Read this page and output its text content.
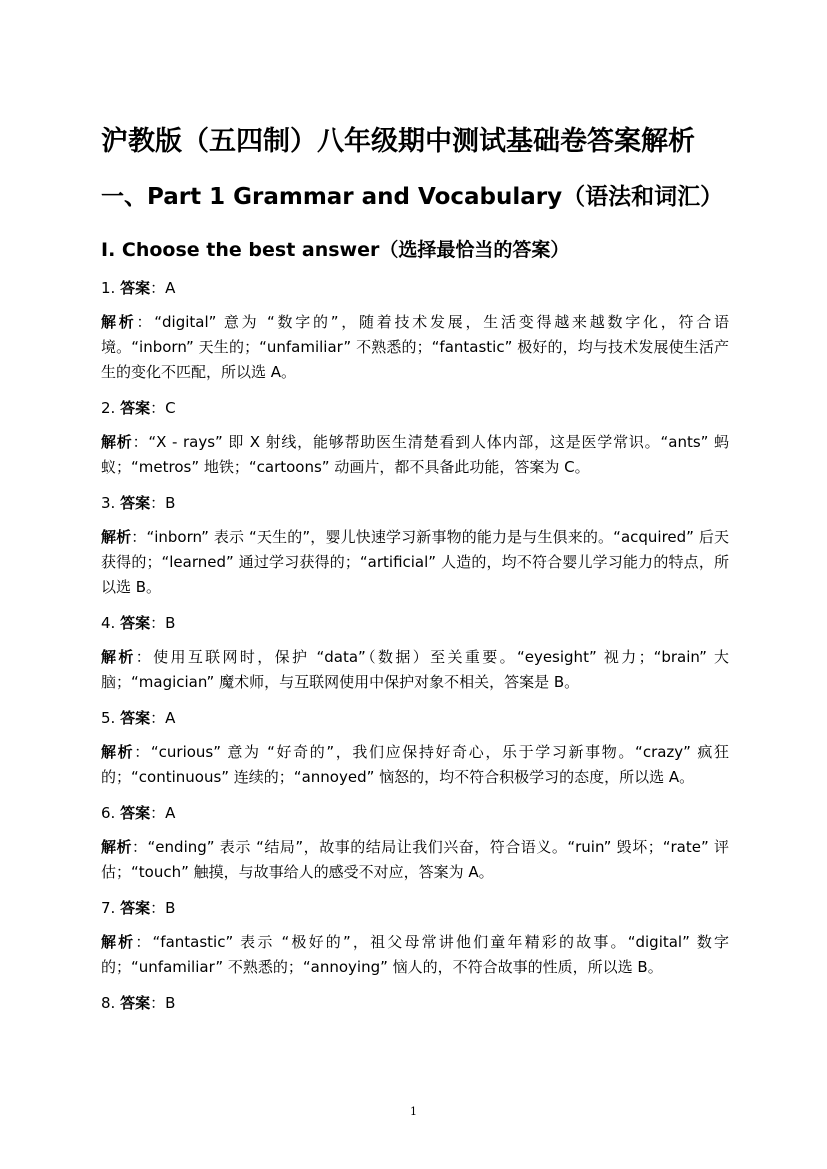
沪教版（五四制）八年级期中测试基础卷答案解析
一、Part 1 Grammar and Vocabulary（语法和词汇）
I. Choose the best answer（选择最恰当的答案）
1. 答案：A
解析：“digital” 意为 “数字的”，随着技术发展，生活变得越来越数字化，符合语境。“inborn” 天生的；“unfamiliar” 不熟悉的；“fantastic” 极好的，均与技术发展使生活产生的变化不匹配，所以选 A。
2. 答案：C
解析：“X - rays” 即 X 射线，能够帮助医生清楚看到人体内部，这是医学常识。“ants” 蚂蚁；“metros” 地铁；“cartoons” 动画片，都不具备此功能，答案为 C。
3. 答案：B
解析：“inborn” 表示 “天生的”，婴儿快速学习新事物的能力是与生俱来的。“acquired” 后天获得的；“learned” 通过学习获得的；“artificial” 人造的，均不符合婴儿学习能力的特点，所以选 B。
4. 答案：B
解析：使用互联网时，保护 “data”（数据）至关重要。“eyesight” 视力；“brain” 大脑；“magician” 魔术师，与互联网使用中保护对象不相关，答案是 B。
5. 答案：A
解析：“curious” 意为 “好奇的”，我们应保持好奇心，乐于学习新事物。“crazy” 疯狂的；“continuous” 连续的；“annoyed” 恼怒的，均不符合积极学习的态度，所以选 A。
6. 答案：A
解析：“ending” 表示 “结局”，故事的结局让我们兴奋，符合语义。“ruin” 毁坏；“rate” 评估；“touch” 触摸，与故事给人的感受不对应，答案为 A。
7. 答案：B
解析：“fantastic” 表示 “极好的”，祖父母常讲他们童年精彩的故事。“digital” 数字的；“unfamiliar” 不熟悉的；“annoying” 恼人的，不符合故事的性质，所以选 B。
8. 答案：B
1
